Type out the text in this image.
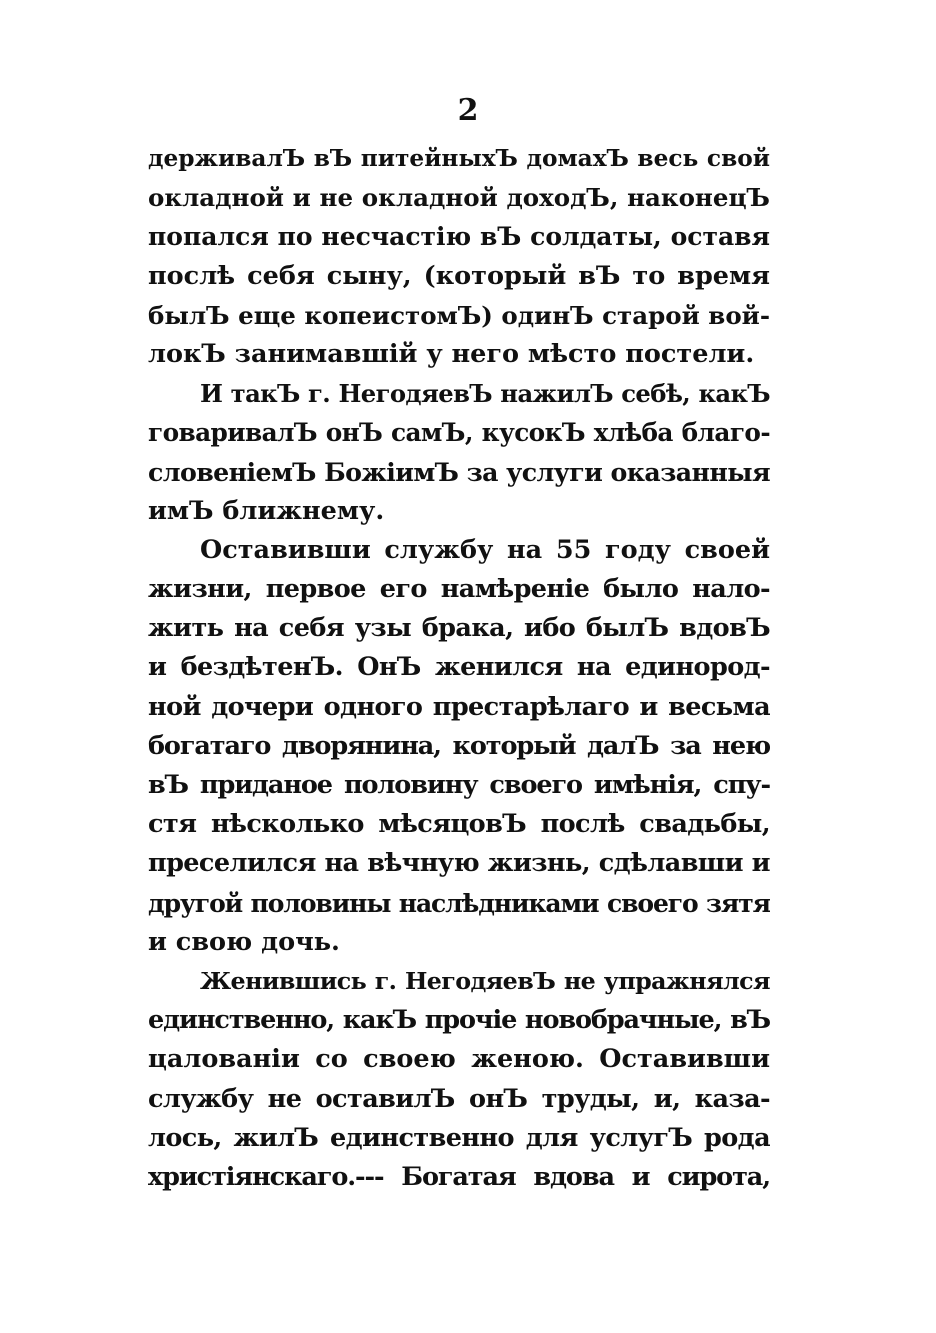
2
держивалЪ вЪ питейныхЪ домахЪ весь свой
окладной и не окладной доходЪ, наконецЪ
попался по несчастiю вЪ солдаты, оставя
послѣ себя сыну, (который вЪ то время
былЪ еще копеистомЪ) одинЪ старой вой-
локЪ занимавшiй у него мѣсто постели.
И такЪ г. НегодяевЪ нажилЪ себѣ, какЪ
говаривалЪ онЪ самЪ, кусокЪ хлѣба благо-
словенiемЪ БожiимЪ за услуги оказанныя
имЪ ближнему.
Оставивши службу на 55 году своей
жизни, первое его намѣренiе было нало-
жить на себя узы брака, ибо былЪ вдовЪ
и бездѣтенЪ. ОнЪ женился на единород-
ной дочери одного престарѣлаго и весьма
богатаго дворянина, который далЪ за нею
вЪ приданое половину своего имѣнiя, спу-
стя нѣсколько мѣсяцовЪ послѣ свадьбы,
преселился на вѣчную жизнь, сдѣлавши и
другой половины наслѣдниками своего зятя
и свою дочь.
Женившись г. НегодяевЪ не упражнялся
единственно, какЪ прочiе новобрачные, вЪ
цалованiи со своею женою. Оставивши
службу не оставилЪ онЪ труды, и, каза-
лось, жилЪ единственно для услугЪ рода
христiянскаго.--- Богатая вдова и сирота,
